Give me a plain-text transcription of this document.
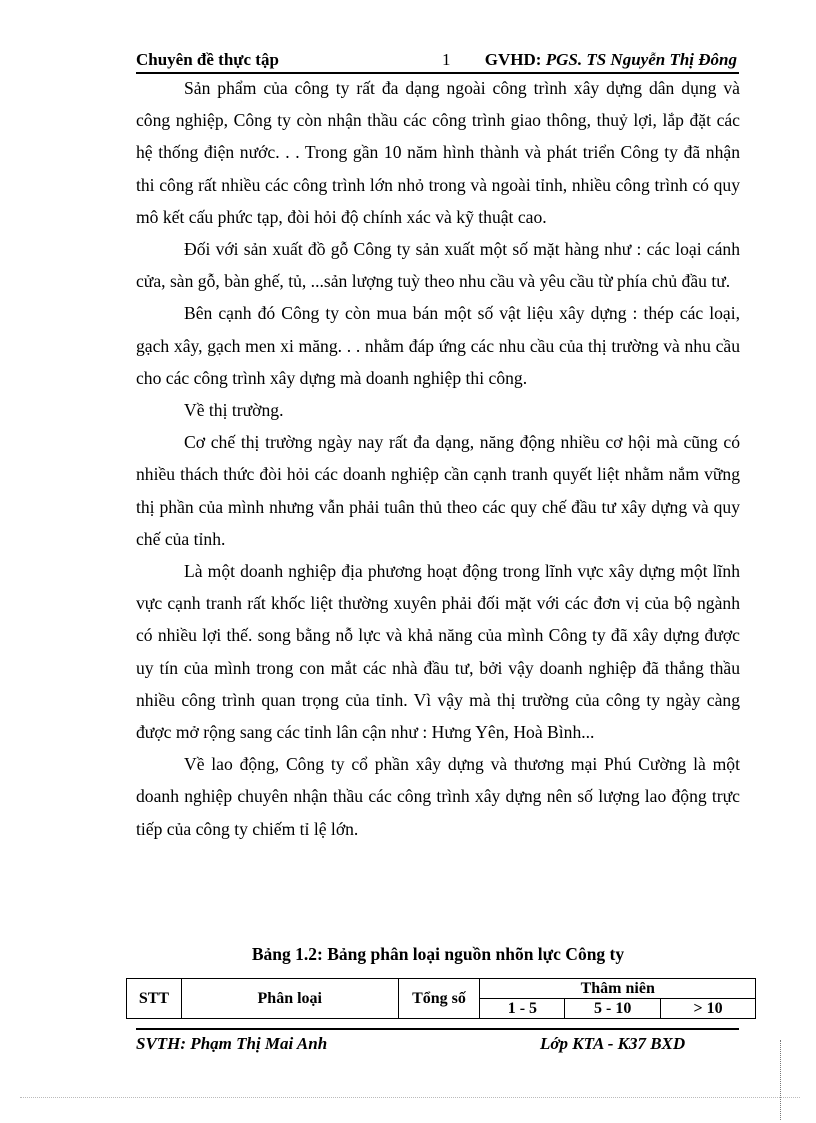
Chuyên đề thực tập	1 GVHD: PGS. TS Nguyễn Thị Đông

Sản phẩm của công ty rất đa dạng ngoài công trình xây dựng dân dụng và công nghiệp, Công ty còn nhận thầu các công trình giao thông, thuỷ lợi, lắp đặt các hệ thống điện nước. . . Trong gần 10 năm hình thành và phát triển Công ty đã nhận thi công rất nhiều các công trình lớn nhỏ trong và ngoài tỉnh, nhiều công trình có quy mô kết cấu phức tạp, đòi hỏi độ chính xác và kỹ thuật cao.

Đối với sản xuất đồ gỗ Công ty sản xuất một số mặt hàng như : các loại cánh cửa, sàn gỗ, bàn ghế, tủ, ...sản lượng tuỳ theo nhu cầu và yêu cầu từ phía chủ đầu tư.

Bên cạnh đó Công ty còn mua bán một số vật liệu xây dựng : thép các loại, gạch xây, gạch men xi măng. . . nhằm đáp ứng các nhu cầu của thị trường và nhu cầu cho các công trình xây dựng mà doanh nghiệp thi công.

Về thị trường.

Cơ chế thị trường ngày nay rất đa dạng, năng động nhiều cơ hội mà cũng có nhiều thách thức đòi hỏi các doanh nghiệp cần cạnh tranh quyết liệt nhằm nắm vững thị phần của mình nhưng vẫn phải tuân thủ theo các quy chế đầu tư xây dựng và quy chế của tỉnh.

Là một doanh nghiệp địa phương hoạt động trong lĩnh vực xây dựng một lĩnh vực cạnh tranh rất khốc liệt thường xuyên phải đối mặt với các đơn vị của bộ ngành có nhiều lợi thế. song bằng nỗ lực và khả năng của mình Công ty đã xây dựng được uy tín của mình trong con mắt các nhà đầu tư, bởi vậy doanh nghiệp đã thắng thầu nhiều công trình quan trọng của tỉnh. Vì vậy mà thị trường của công ty ngày càng được mở rộng sang các tỉnh lân cận như : Hưng Yên, Hoà Bình...

Về lao động, Công ty cổ phần xây dựng và thương mại Phú Cường là một doanh nghiệp chuyên nhận thầu các công trình xây dựng nên số lượng lao động trực tiếp của công ty chiếm tỉ lệ lớn.

Bảng 1.2: Bảng phân loại nguồn nhõn lực Công ty
STT	Phân loại	Tổng số	Thâm niên		
			1 - 5	5 - 10	> 10
SVTH: Phạm Thị Mai Anh	Lớp KTA - K37 BXD
